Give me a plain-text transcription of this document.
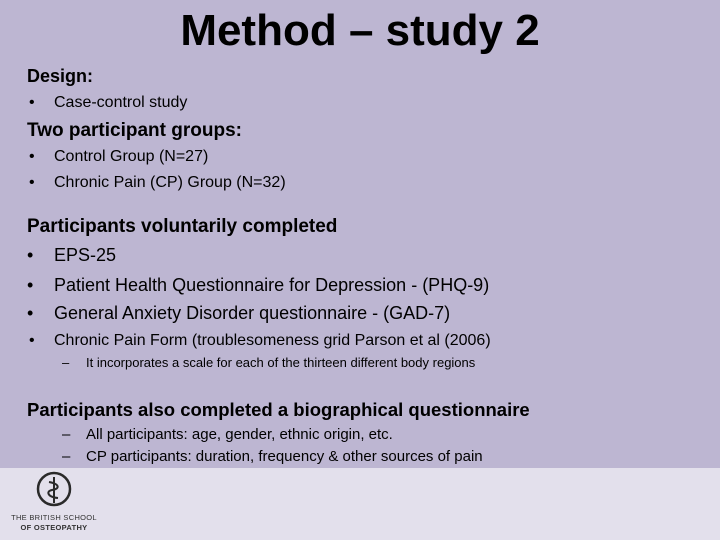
Method – study 2
Design:
• Case-control study
Two participant groups:
• Control Group (N=27)
• Chronic Pain (CP) Group (N=32)
Participants voluntarily completed
• EPS-25
• Patient Health Questionnaire for Depression - (PHQ-9)
• General Anxiety Disorder questionnaire - (GAD-7)
• Chronic Pain Form (troublesomeness grid Parson et al (2006)
– It incorporates a scale for each of the thirteen different body regions
Participants also completed a biographical questionnaire
– All participants: age, gender, ethnic origin, etc.
– CP participants: duration, frequency & other sources of pain
THE BRITISH SCHOOL
OF OSTEOPATHY
